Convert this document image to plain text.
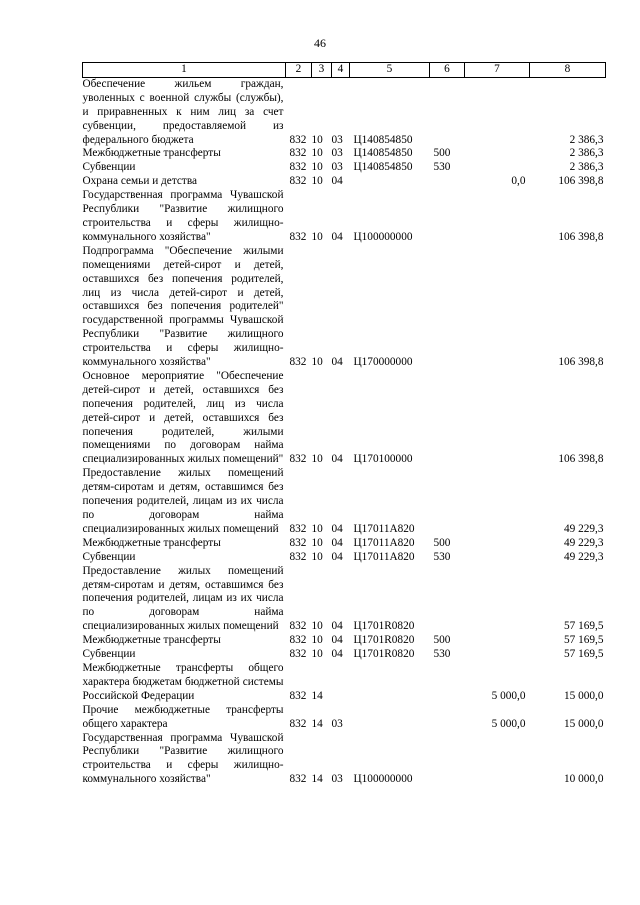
46
1	2	3	4	5	6	7	8
Обеспечение жильем граждан, уволенных с военной службы (службы), и приравненных к ним лиц за счет субвенции, предоставляемой из федерального бюджета	832	10	03	Ц140854850			2 386,3
Межбюджетные трансферты	832	10	03	Ц140854850	500		2 386,3
Субвенции	832	10	03	Ц140854850	530		2 386,3
Охрана семьи и детства	832	10	04			0,0	106 398,8
Государственная программа Чувашской Республики "Развитие жилищного строительства и сферы жилищно-коммунального хозяйства"	832	10	04	Ц100000000			106 398,8
Подпрограмма "Обеспечение жилыми помещениями детей-сирот и детей, оставшихся без попечения родителей, лиц из числа детей-сирот и детей, оставшихся без попечения родителей" государственной программы Чувашской Республики "Развитие жилищного строительства и сферы жилищно-коммунального хозяйства"	832	10	04	Ц170000000			106 398,8
Основное мероприятие "Обеспечение детей-сирот и детей, оставшихся без попечения родителей, лиц из числа детей-сирот и детей, оставшихся без попечения родителей, жилыми помещениями по договорам найма специализированных жилых помещений"	832	10	04	Ц170100000			106 398,8
Предоставление жилых помещений детям-сиротам и детям, оставшимся без попечения родителей, лицам из их числа по договорам найма специализированных жилых помещений	832	10	04	Ц17011А820			49 229,3
Межбюджетные трансферты	832	10	04	Ц17011А820	500		49 229,3
Субвенции	832	10	04	Ц17011А820	530		49 229,3
Предоставление жилых помещений детям-сиротам и детям, оставшимся без попечения родителей, лицам из их числа по договорам найма специализированных жилых помещений	832	10	04	Ц1701R0820			57 169,5
Межбюджетные трансферты	832	10	04	Ц1701R0820	500		57 169,5
Субвенции	832	10	04	Ц1701R0820	530		57 169,5
Межбюджетные трансферты общего характера бюджетам бюджетной системы Российской Федерации	832	14				5 000,0	15 000,0
Прочие межбюджетные трансферты общего характера	832	14	03			5 000,0	15 000,0
Государственная программа Чувашской Республики "Развитие жилищного строительства и сферы жилищно-коммунального хозяйства"	832	14	03	Ц100000000			10 000,0
